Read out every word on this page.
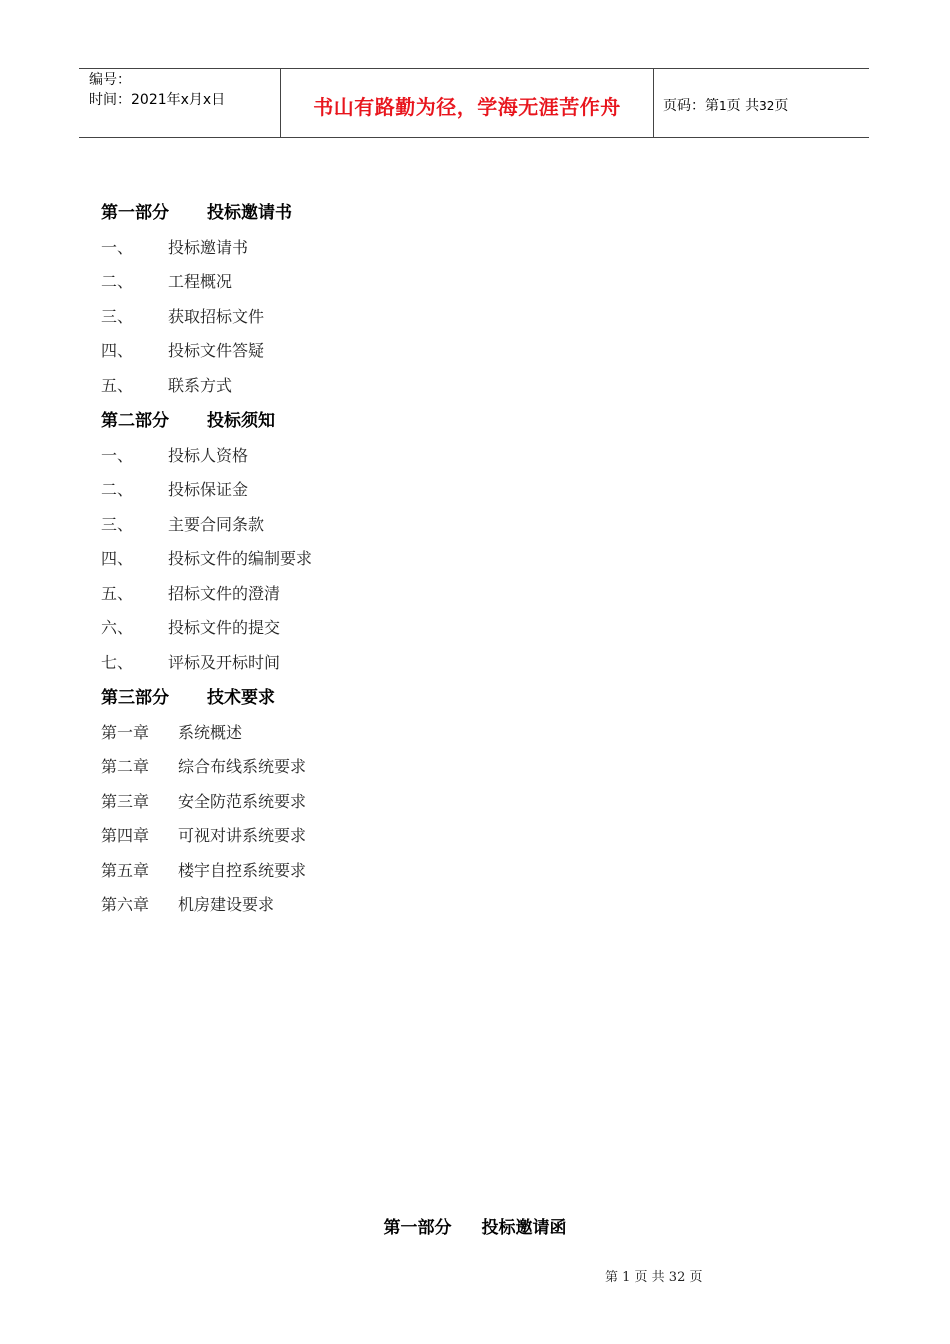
编号：
时间：2021年x月x日	书山有路勤为径，学海无涯苦作舟	页码：第1页 共32页
第一部分 投标邀请书
一、 投标邀请书
二、 工程概况
三、 获取招标文件
四、 投标文件答疑
五、 联系方式
第二部分 投标须知
一、 投标人资格
二、 投标保证金
三、 主要合同条款
四、 投标文件的编制要求
五、 招标文件的澄清
六、 投标文件的提交
七、 评标及开标时间
第三部分 技术要求
第一章 系统概述
第二章 综合布线系统要求
第三章 安全防范系统要求
第四章 可视对讲系统要求
第五章 楼宇自控系统要求
第六章 机房建设要求
第一部分 投标邀请函
第 1 页 共 32 页
